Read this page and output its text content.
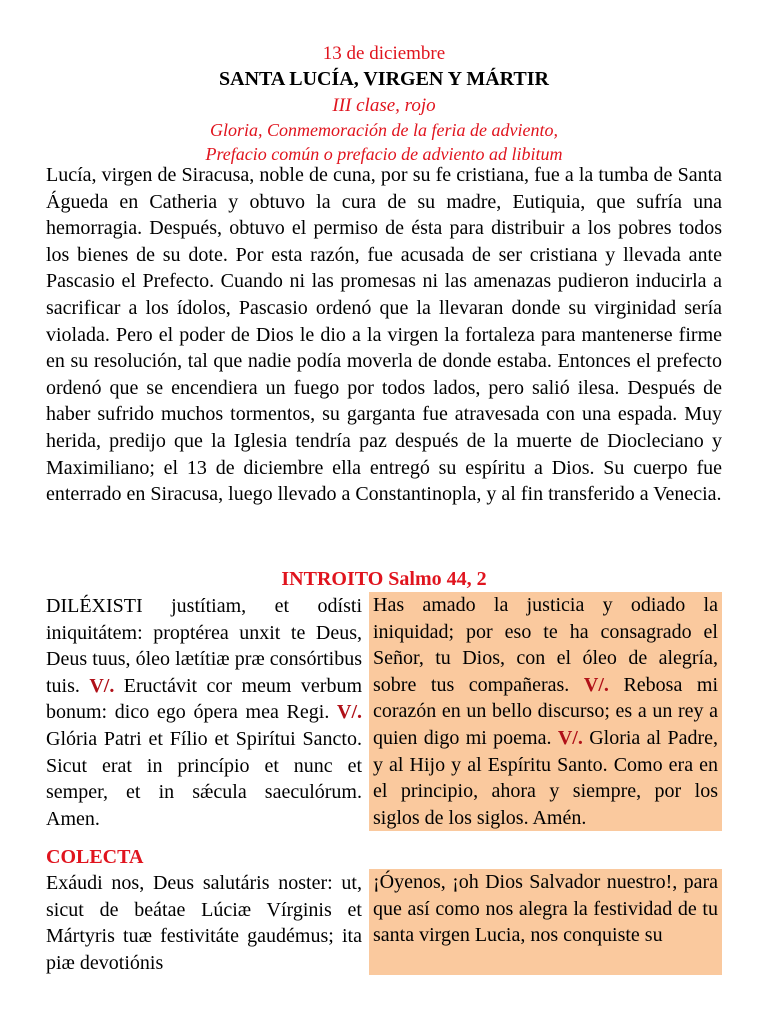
13 de diciembre
SANTA LUCÍA, VIRGEN Y MÁRTIR
III clase, rojo
Gloria, Conmemoración de la feria de adviento,
Prefacio común o prefacio de adviento ad libitum
Lucía, virgen de Siracusa, noble de cuna, por su fe cristiana, fue a la tumba de Santa Águeda en Catheria y obtuvo la cura de su madre, Eutiquia, que sufría una hemorragia. Después, obtuvo el permiso de ésta para distribuir a los pobres todos los bienes de su dote. Por esta razón, fue acusada de ser cristiana y llevada ante Pascasio el Prefecto. Cuando ni las promesas ni las amenazas pudieron inducirla a sacrificar a los ídolos, Pascasio ordenó que la llevaran donde su virginidad sería violada. Pero el poder de Dios le dio a la virgen la fortaleza para mantenerse firme en su resolución, tal que nadie podía moverla de donde estaba. Entonces el prefecto ordenó que se encendiera un fuego por todos lados, pero salió ilesa. Después de haber sufrido muchos tormentos, su garganta fue atravesada con una espada. Muy herida, predijo que la Iglesia tendría paz después de la muerte de Diocleciano y Maximiliano; el 13 de diciembre ella entregó su espíritu a Dios. Su cuerpo fue enterrado en Siracusa, luego llevado a Constantinopla, y al fin transferido a Venecia.
INTROITO Salmo 44, 2
DILÉXISTI justítiam, et odísti iniquitátem: proptérea unxit te Deus, Deus tuus, óleo lætítiæ præ consórtibus tuis. V/. Eructávit cor meum verbum bonum: dico ego ópera mea Regi. V/. Glória Patri et Fílio et Spirítui Sancto. Sicut erat in princípio et nunc et semper, et in sǽcula saeculórum. Amen.
Has amado la justicia y odiado la iniquidad; por eso te ha consagrado el Señor, tu Dios, con el óleo de alegría, sobre tus compañeras. V/. Rebosa mi corazón en un bello discurso; es a un rey a quien digo mi poema. V/. Gloria al Padre, y al Hijo y al Espíritu Santo. Como era en el principio, ahora y siempre, por los siglos de los siglos. Amén.
COLECTA
Exáudi nos, Deus salutáris noster: ut, sicut de beátae Lúciæ Vírginis et Mártyris tuæ festivitáte gaudémus; ita piæ devotiónis
¡Óyenos, ¡oh Dios Salvador nuestro!, para que así como nos alegra la festividad de tu santa virgen Lucia, nos conquiste su
